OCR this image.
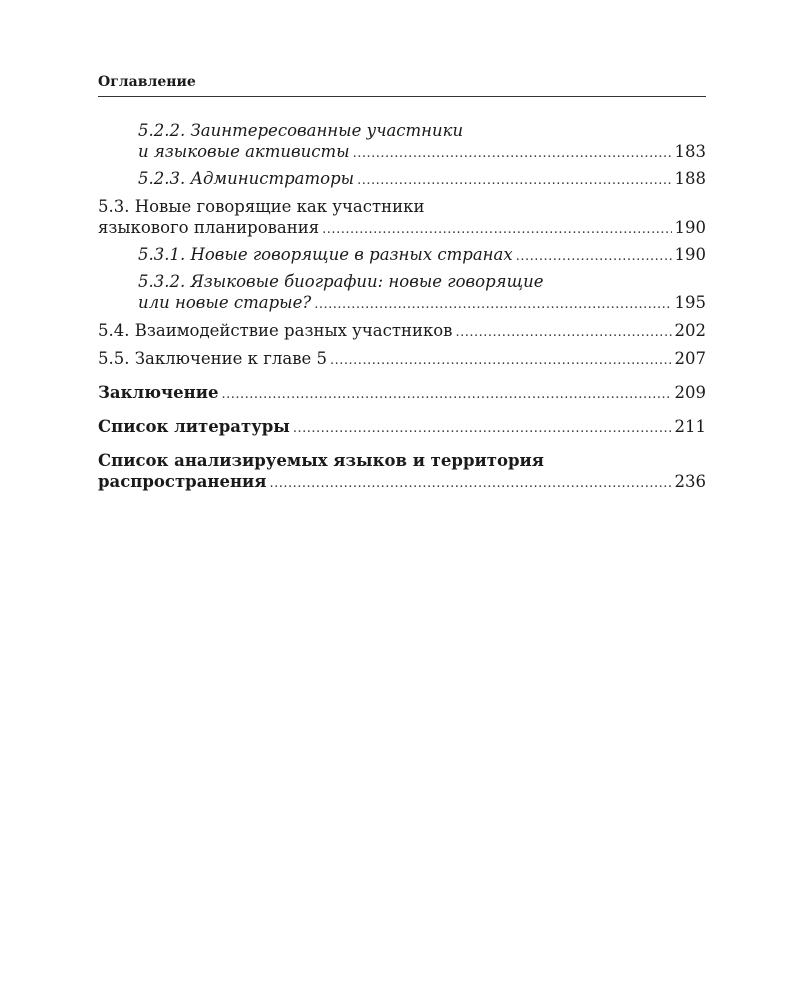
Оглавление
5.2.2. Заинтересованные участники
и языковые активисты .....	183
5.2.3. Администраторы .....	188
5.3. Новые говорящие как участники
языкового планирования .....	190
5.3.1. Новые говорящие в разных странах .....	190
5.3.2. Языковые биографии: новые говорящие
или новые старые? .....	195
5.4. Взаимодействие разных участников .....	202
5.5. Заключение к главе 5 .....	207
Заключение .....	209
Список литературы .....	211
Список анализируемых языков и территория
распространения .....	236
